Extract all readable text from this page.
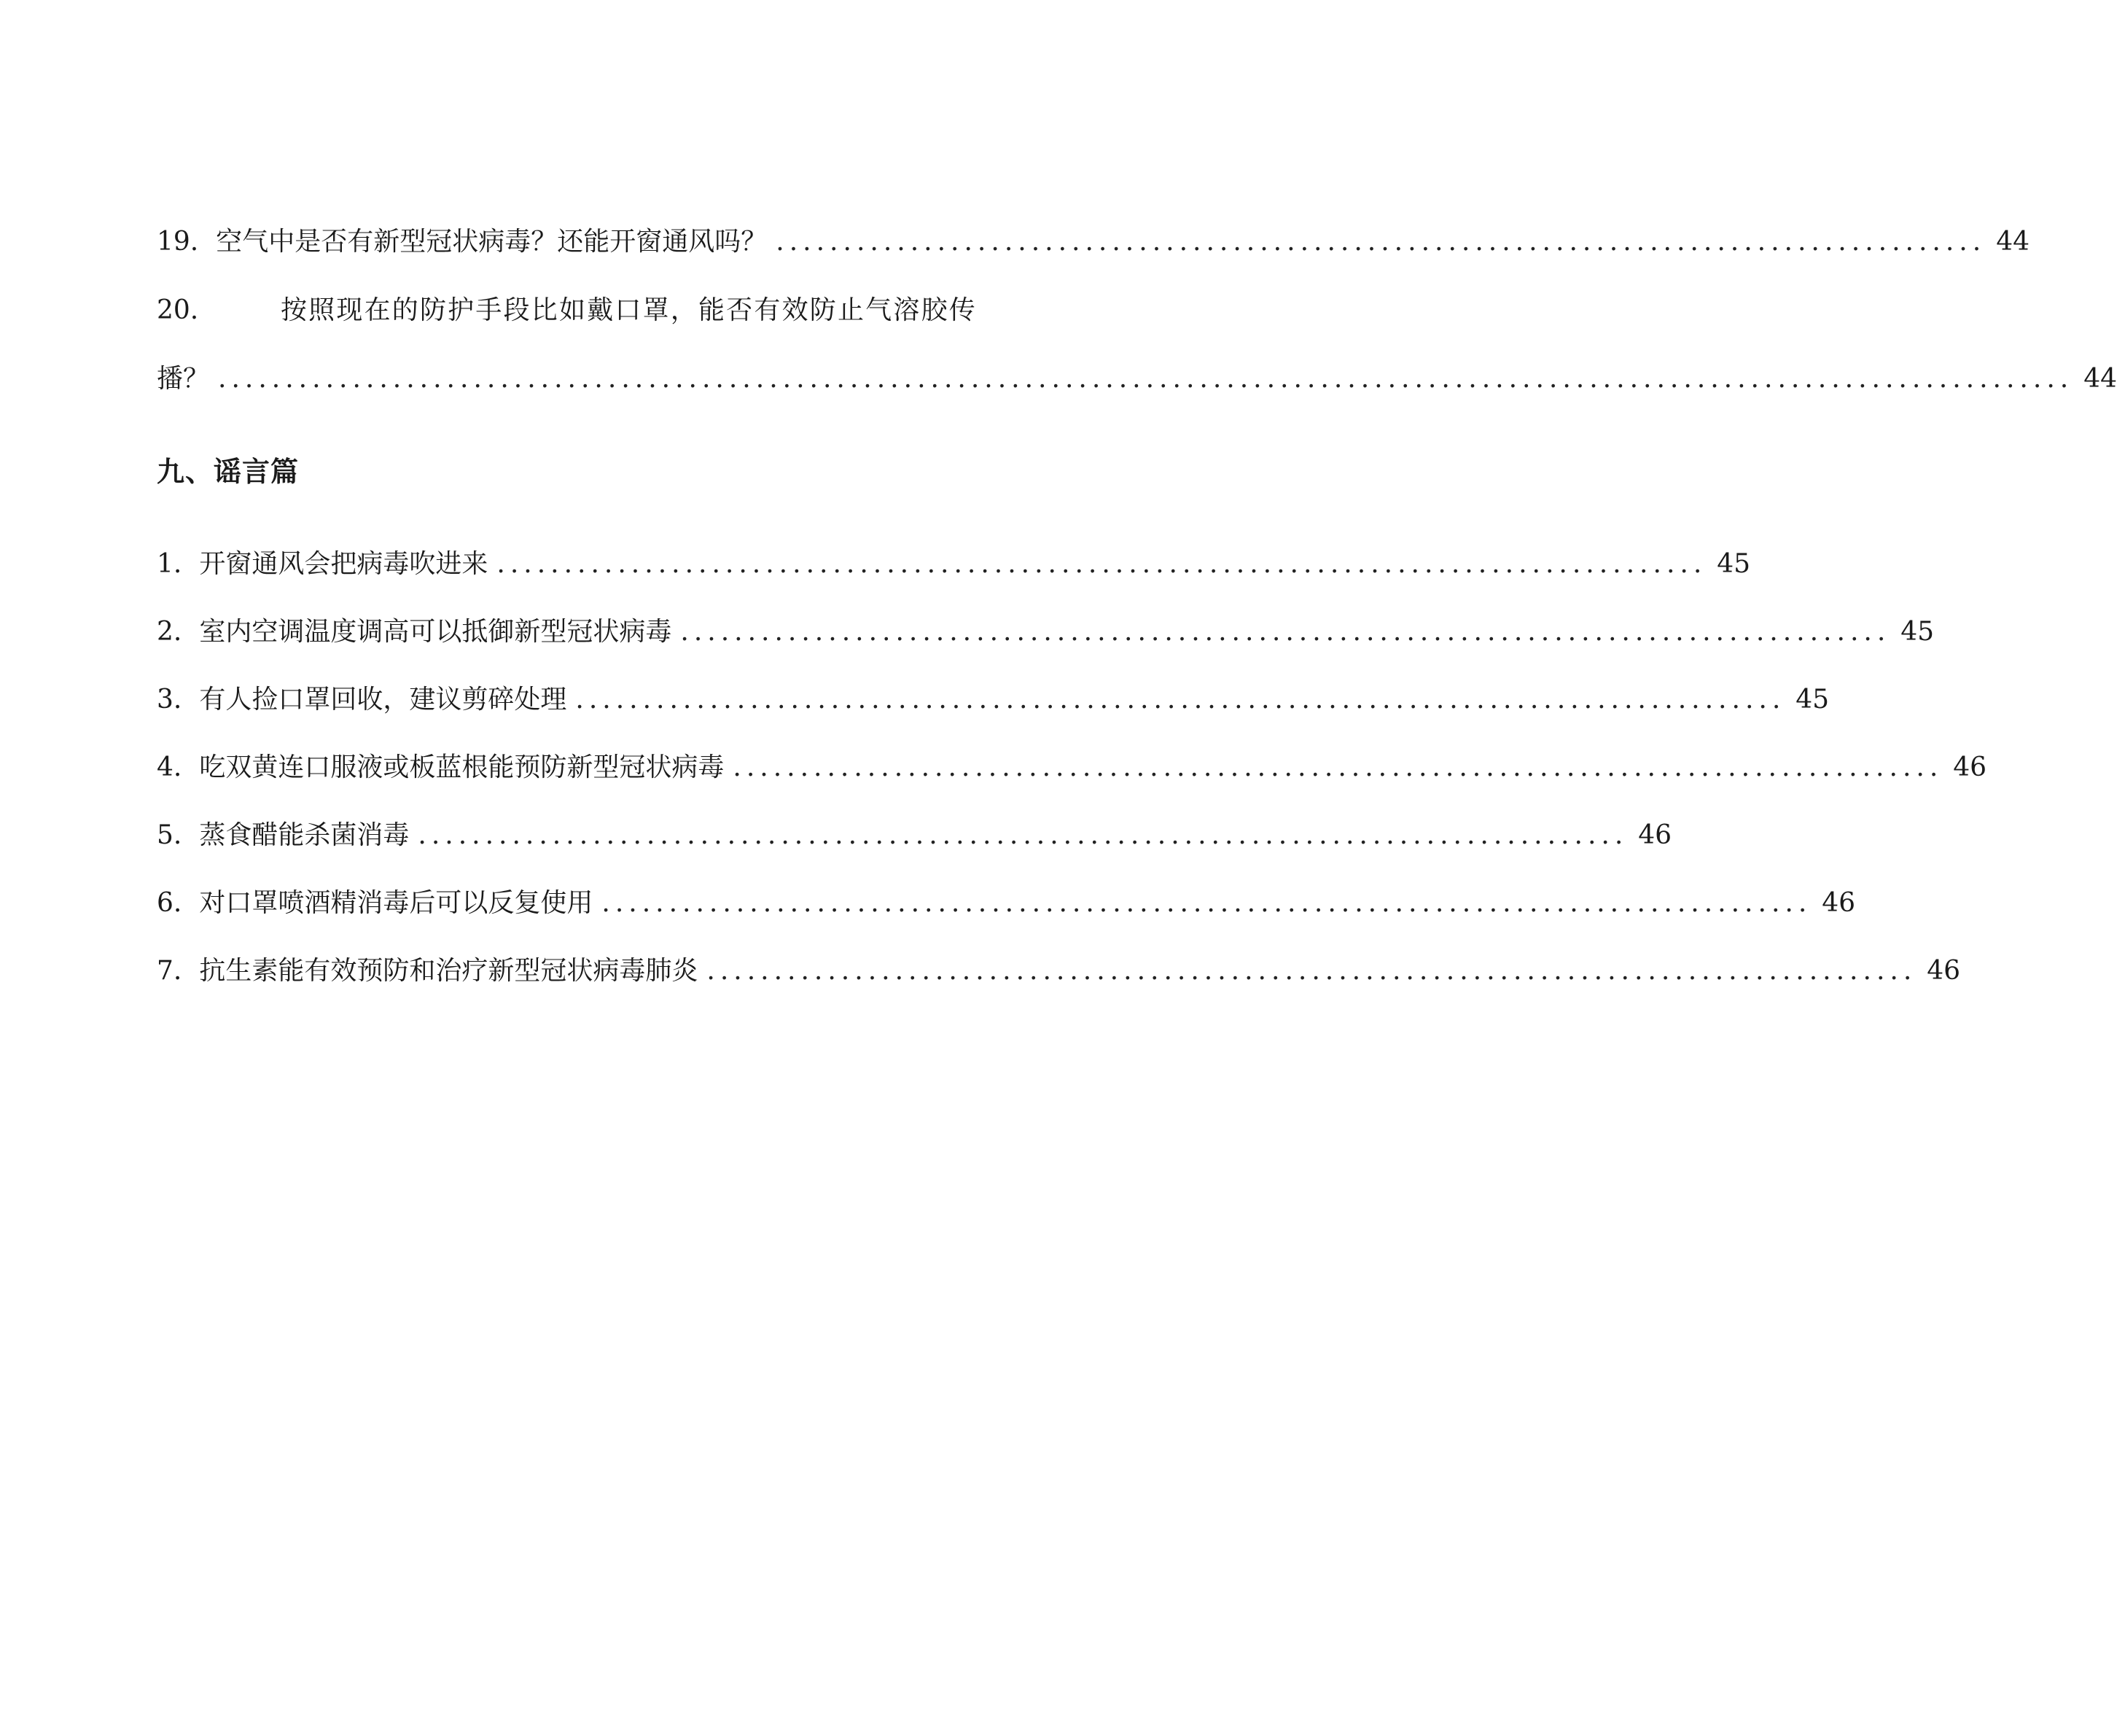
19. 空气中是否有新型冠状病毒？还能开窗通风吗？ .......................................................................................... 44
20.	按照现在的防护手段比如戴口罩，能否有效防止气溶胶传
播？ .......................................................................................................................................... 44
九、谣言篇
1. 开窗通风会把病毒吹进来 .......................................................................................... 45
2. 室内空调温度调高可以抵御新型冠状病毒 .......................................................................................... 45
3. 有人捡口罩回收，建议剪碎处理 .......................................................................................... 45
4. 吃双黄连口服液或板蓝根能预防新型冠状病毒 .......................................................................................... 46
5. 蒸食醋能杀菌消毒 .......................................................................................... 46
6. 对口罩喷酒精消毒后可以反复使用 .......................................................................................... 46
7. 抗生素能有效预防和治疗新型冠状病毒肺炎 .......................................................................................... 46
